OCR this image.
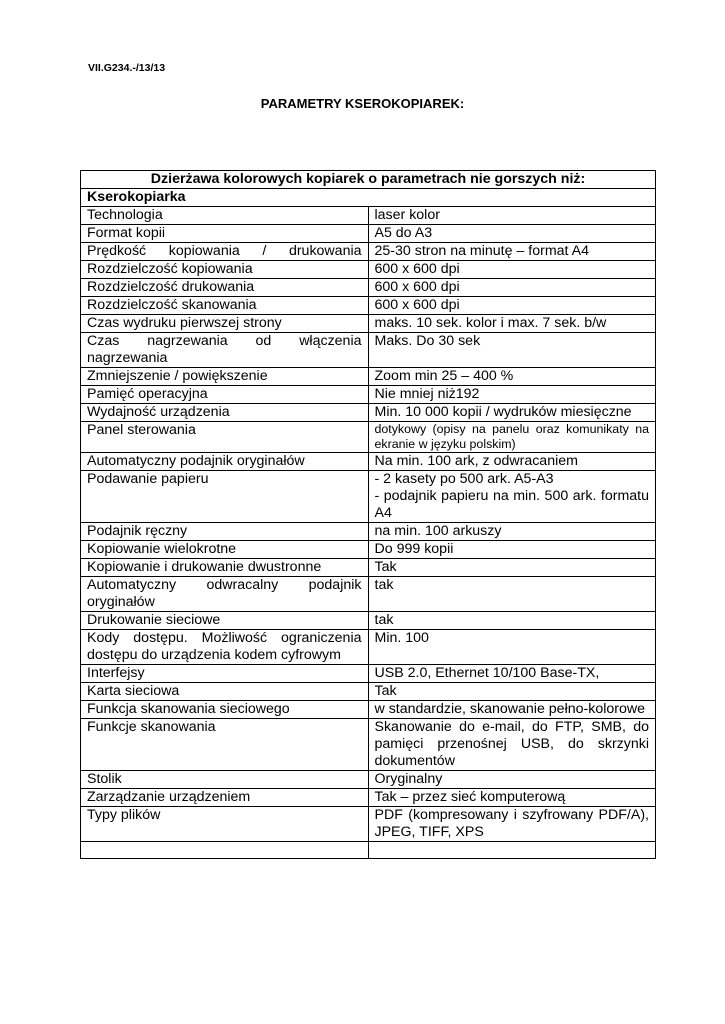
VII.G234.-/13/13
PARAMETRY KSEROKOPIAREK:
Dzierżawa kolorowych kopiarek o parametrach nie gorszych niż:	
Kserokopiarka	
Technologia	laser kolor
Format kopii	A5 do A3
Prędkość kopiowania / drukowania	25-30 stron na minutę – format A4
Rozdzielczość kopiowania	600 x 600 dpi
Rozdzielczość drukowania	600 x 600 dpi
Rozdzielczość skanowania	600 x 600 dpi
Czas wydruku pierwszej strony	maks. 10 sek. kolor i max. 7 sek. b/w
Czas nagrzewania od włączenia nagrzewania	Maks. Do 30 sek
Zmniejszenie / powiększenie	Zoom min 25 – 400 %
Pamięć operacyjna	Nie mniej niż192
Wydajność urządzenia	Min. 10 000 kopii / wydruków miesięczne
Panel sterowania	dotykowy (opisy na panelu oraz komunikaty na ekranie w języku polskim)
Automatyczny podajnik oryginałów	Na min. 100 ark, z odwracaniem
Podawanie papieru	- 2 kasety po 500 ark. A5-A3
- podajnik papieru na min. 500 ark. formatu A4

Podajnik ręczny	na min. 100 arkuszy
Kopiowanie wielokrotne	Do 999 kopii
Kopiowanie i drukowanie dwustronne	Tak
Automatyczny odwracalny podajnik oryginałów	tak
Drukowanie sieciowe	tak
Kody dostępu. Możliwość ograniczenia dostępu do urządzenia kodem cyfrowym	Min. 100
Interfejsy	USB 2.0, Ethernet 10/100 Base-TX,
Karta sieciowa	Tak
Funkcja skanowania sieciowego	w standardzie, skanowanie pełno-kolorowe
Funkcje skanowania	Skanowanie do e-mail, do FTP, SMB, do pamięci przenośnej USB, do skrzynki dokumentów
Stolik	Oryginalny
Zarządzanie urządzeniem	Tak – przez sieć komputerową
Typy plików	PDF (kompresowany i szyfrowany PDF/A), JPEG, TIFF, XPS
